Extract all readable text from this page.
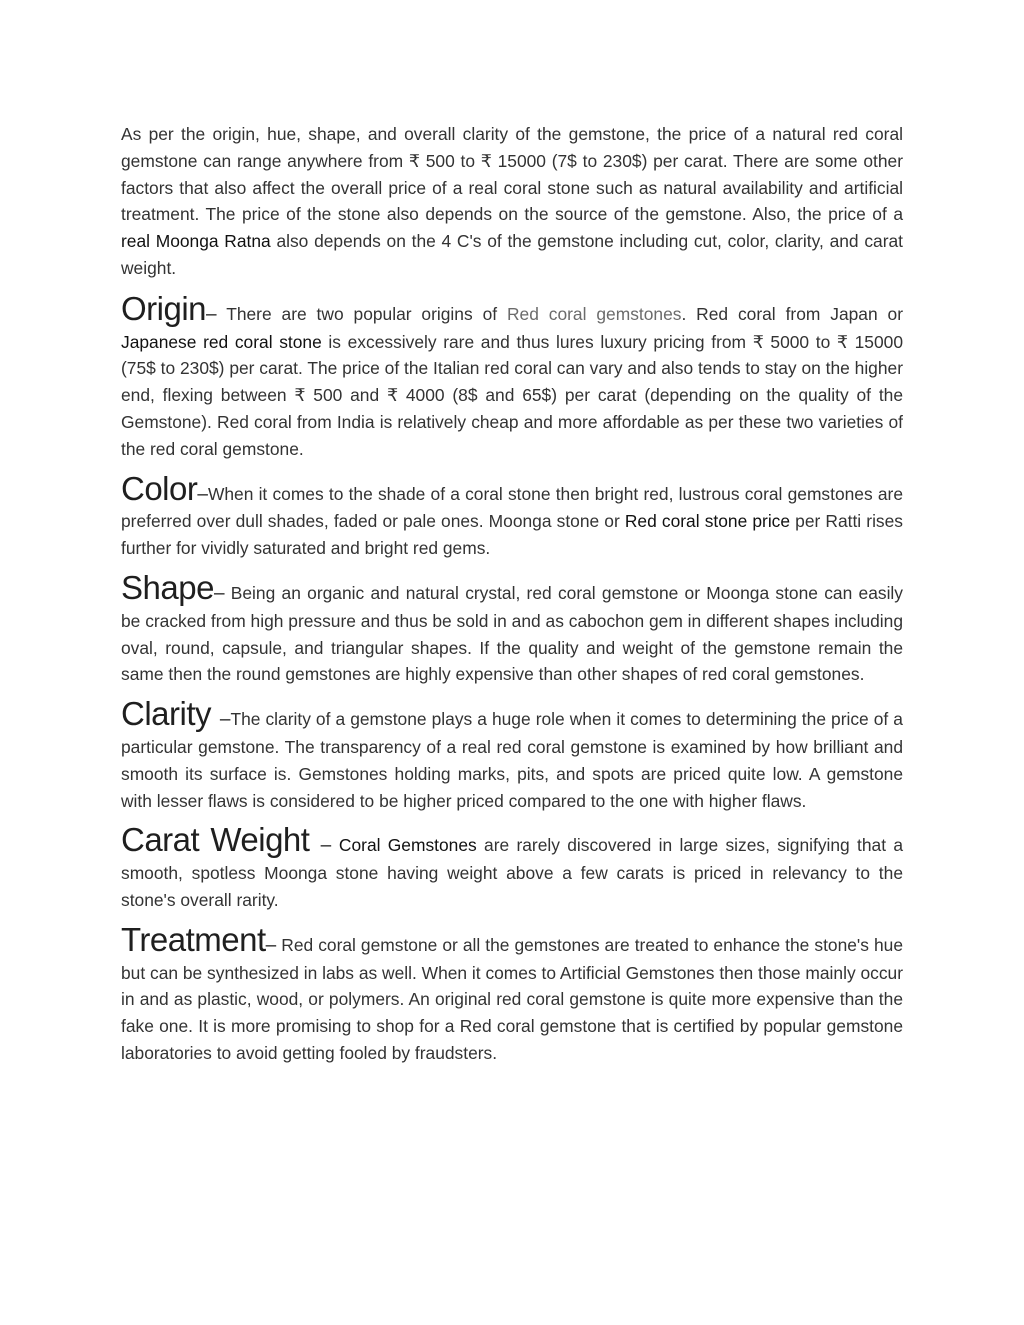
As per the origin, hue, shape, and overall clarity of the gemstone, the price of a natural red coral gemstone can range anywhere from ₹ 500 to ₹ 15000 (7$ to 230$) per carat. There are some other factors that also affect the overall price of a real coral stone such as natural availability and artificial treatment. The price of the stone also depends on the source of the gemstone. Also, the price of a real Moonga Ratna also depends on the 4 C's of the gemstone including cut, color, clarity, and carat weight.

Origin– There are two popular origins of Red coral gemstones. Red coral from Japan or Japanese red coral stone is excessively rare and thus lures luxury pricing from ₹ 5000 to ₹ 15000 (75$ to 230$) per carat. The price of the Italian red coral can vary and also tends to stay on the higher end, flexing between ₹ 500 and ₹ 4000 (8$ and 65$) per carat (depending on the quality of the Gemstone). Red coral from India is relatively cheap and more affordable as per these two varieties of the red coral gemstone.

Color–When it comes to the shade of a coral stone then bright red, lustrous coral gemstones are preferred over dull shades, faded or pale ones. Moonga stone or Red coral stone price per Ratti rises further for vividly saturated and bright red gems.

Shape– Being an organic and natural crystal, red coral gemstone or Moonga stone can easily be cracked from high pressure and thus be sold in and as cabochon gem in different shapes including oval, round, capsule, and triangular shapes. If the quality and weight of the gemstone remain the same then the round gemstones are highly expensive than other shapes of red coral gemstones.

Clarity –The clarity of a gemstone plays a huge role when it comes to determining the price of a particular gemstone. The transparency of a real red coral gemstone is examined by how brilliant and smooth its surface is. Gemstones holding marks, pits, and spots are priced quite low. A gemstone with lesser flaws is considered to be higher priced compared to the one with higher flaws.

Carat Weight – Coral Gemstones are rarely discovered in large sizes, signifying that a smooth, spotless Moonga stone having weight above a few carats is priced in relevancy to the stone's overall rarity.

Treatment– Red coral gemstone or all the gemstones are treated to enhance the stone's hue but can be synthesized in labs as well. When it comes to Artificial Gemstones then those mainly occur in and as plastic, wood, or polymers. An original red coral gemstone is quite more expensive than the fake one. It is more promising to shop for a Red coral gemstone that is certified by popular gemstone laboratories to avoid getting fooled by fraudsters.
